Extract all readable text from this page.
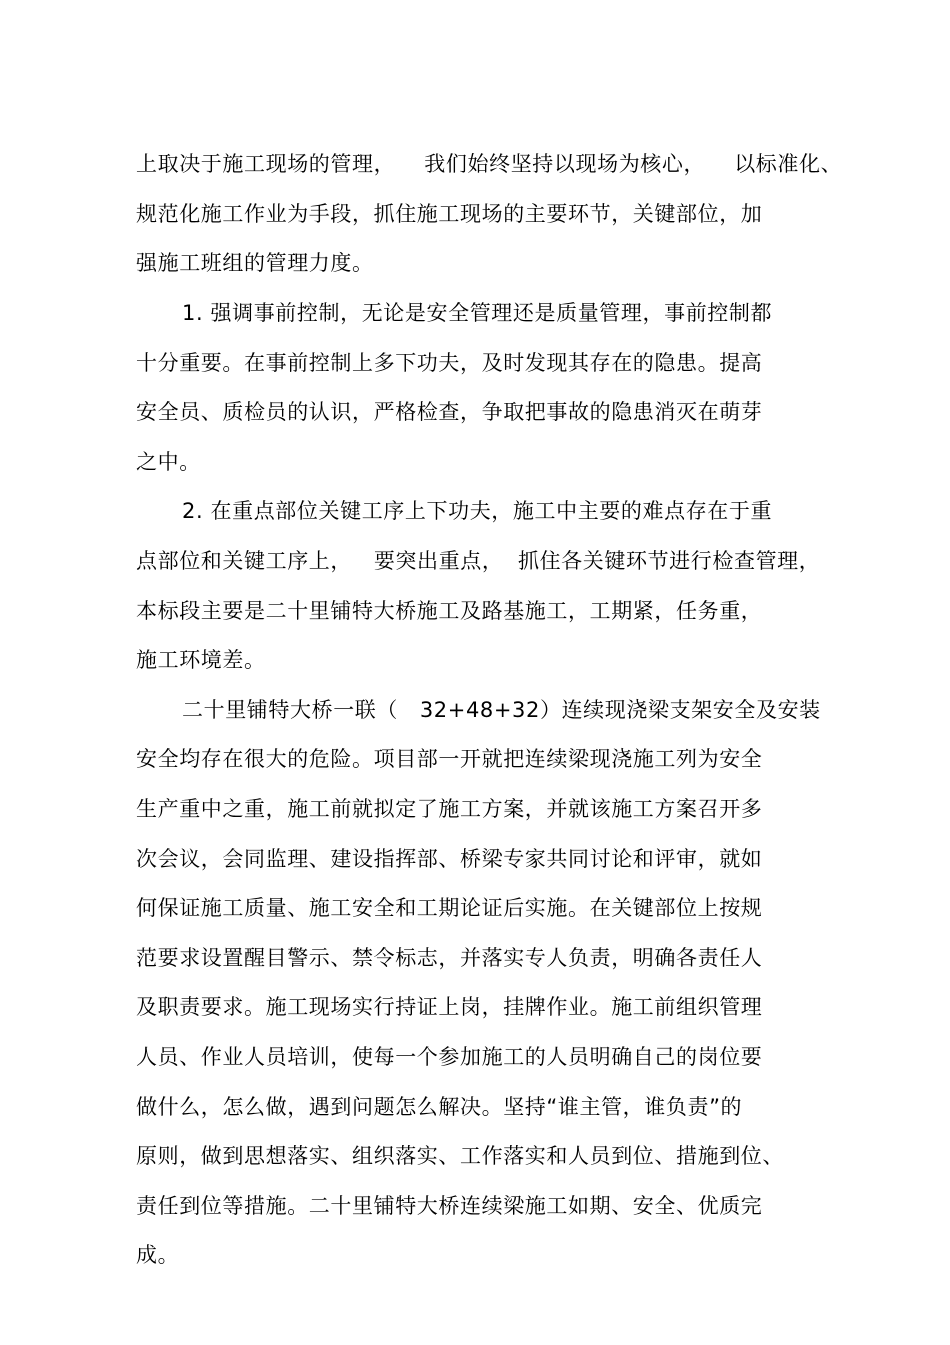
上取决于施工现场的管理，    我们始终坚持以现场为核心，    以标准化、
规范化施工作业为手段，抓住施工现场的主要环节，关键部位，加
强施工班组的管理力度。
1. 强调事前控制，无论是安全管理还是质量管理，事前控制都
十分重要。在事前控制上多下功夫，及时发现其存在的隐患。提高
安全员、质检员的认识，严格检查，争取把事故的隐患消灭在萌芽
之中。
2. 在重点部位关键工序上下功夫，施工中主要的难点存在于重
点部位和关键工序上，   要突出重点，  抓住各关键环节进行检查管理，
本标段主要是二十里铺特大桥施工及路基施工，工期紧，任务重，
施工环境差。
二十里铺特大桥一联（   32+48+32）连续现浇梁支架安全及安装
安全均存在很大的危险。项目部一开就把连续梁现浇施工列为安全
生产重中之重，施工前就拟定了施工方案，并就该施工方案召开多
次会议，会同监理、建设指挥部、桥梁专家共同讨论和评审，就如
何保证施工质量、施工安全和工期论证后实施。在关键部位上按规
范要求设置醒目警示、禁令标志，并落实专人负责，明确各责任人
及职责要求。施工现场实行持证上岗，挂牌作业。施工前组织管理
人员、作业人员培训，使每一个参加施工的人员明确自己的岗位要
做什么，怎么做，遇到问题怎么解决。坚持“谁主管，谁负责”的
原则，做到思想落实、组织落实、工作落实和人员到位、措施到位、
责任到位等措施。二十里铺特大桥连续梁施工如期、安全、优质完
成。
